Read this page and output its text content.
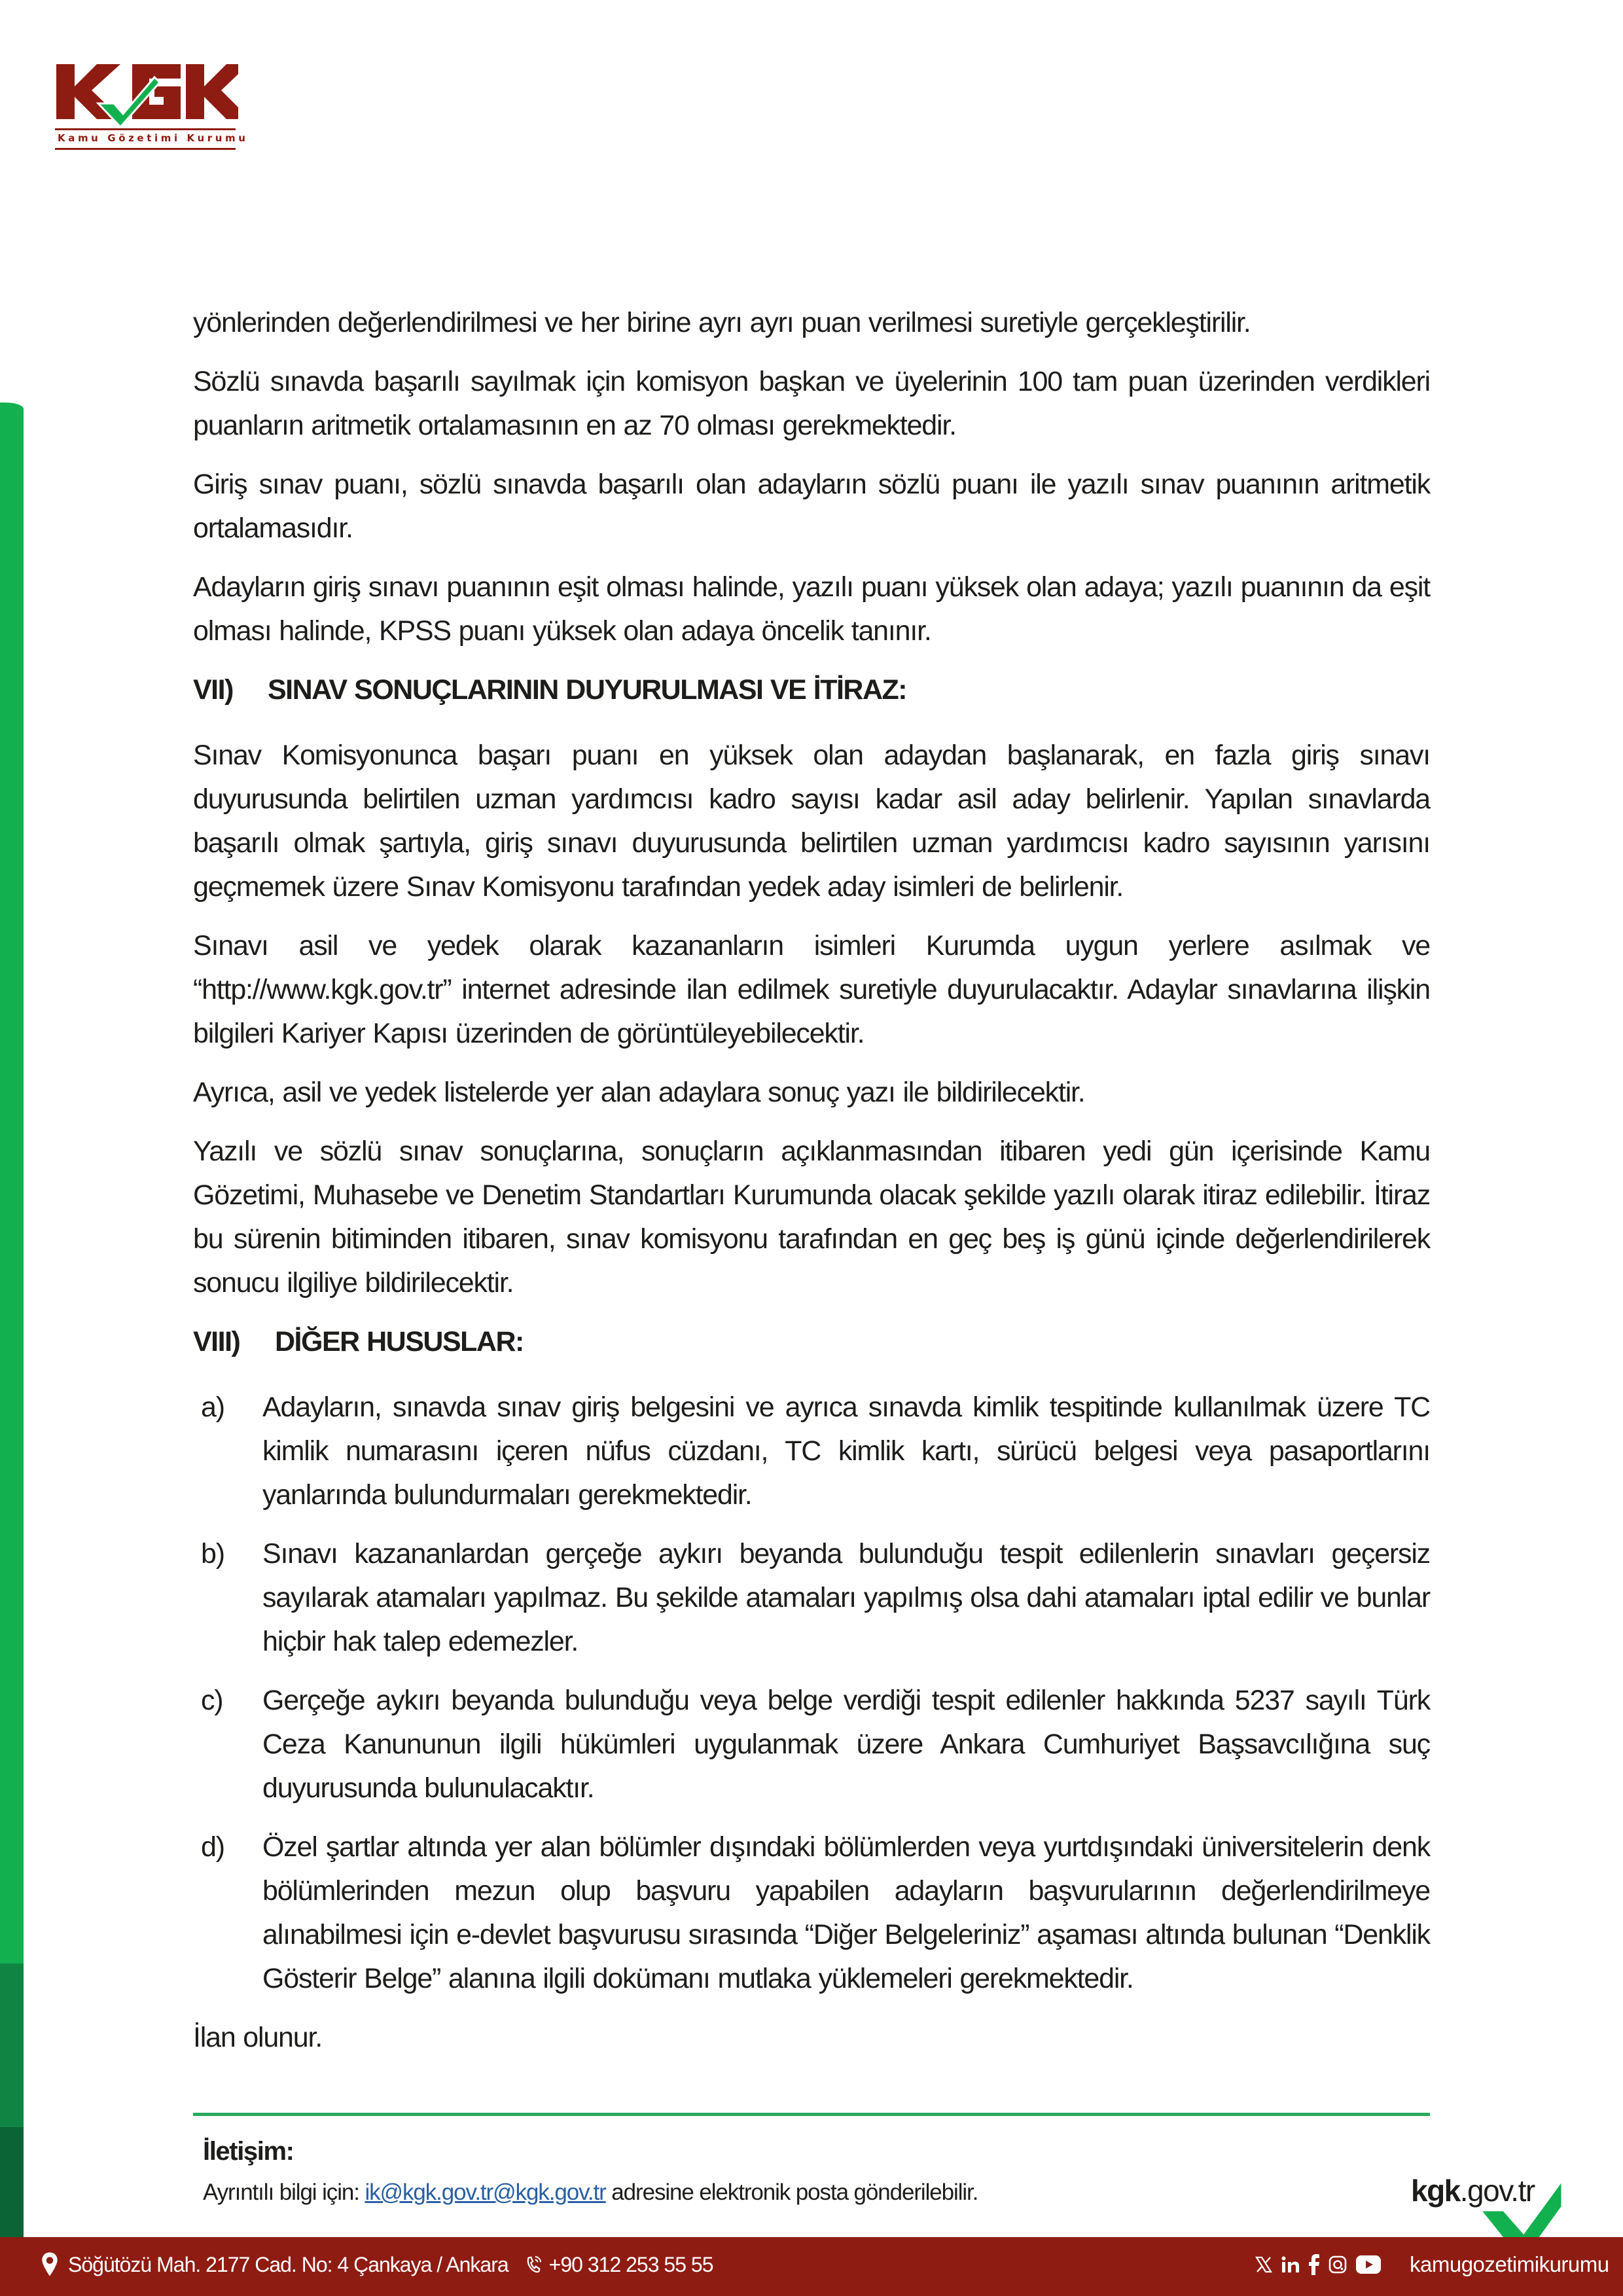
Kamu Gözetimi Kurumu

yönlerinden değerlendirilmesi ve her birine ayrı ayrı puan verilmesi suretiyle gerçekleştirilir.

Sözlü sınavda başarılı sayılmak için komisyon başkan ve üyelerinin 100 tam puan üzerinden verdikleri puanların aritmetik ortalamasının en az 70 olması gerekmektedir.

Giriş sınav puanı, sözlü sınavda başarılı olan adayların sözlü puanı ile yazılı sınav puanının aritmetik ortalamasıdır.

Adayların giriş sınavı puanının eşit olması halinde, yazılı puanı yüksek olan adaya; yazılı puanının da eşit olması halinde, KPSS puanı yüksek olan adaya öncelik tanınır.

VII) SINAV SONUÇLARININ DUYURULMASI VE İTİRAZ:

Sınav Komisyonunca başarı puanı en yüksek olan adaydan başlanarak, en fazla giriş sınavı duyurusunda belirtilen uzman yardımcısı kadro sayısı kadar asil aday belirlenir. Yapılan sınavlarda başarılı olmak şartıyla, giriş sınavı duyurusunda belirtilen uzman yardımcısı kadro sayısının yarısını geçmemek üzere Sınav Komisyonu tarafından yedek aday isimleri de belirlenir.

Sınavı asil ve yedek olarak kazananların isimleri Kurumda uygun yerlere asılmak ve “http://www.kgk.gov.tr” internet adresinde ilan edilmek suretiyle duyurulacaktır. Adaylar sınavlarına ilişkin bilgileri Kariyer Kapısı üzerinden de görüntüleyebilecektir.

Ayrıca, asil ve yedek listelerde yer alan adaylara sonuç yazı ile bildirilecektir.

Yazılı ve sözlü sınav sonuçlarına, sonuçların açıklanmasından itibaren yedi gün içerisinde Kamu Gözetimi, Muhasebe ve Denetim Standartları Kurumunda olacak şekilde yazılı olarak itiraz edilebilir. İtiraz bu sürenin bitiminden itibaren, sınav komisyonu tarafından en geç beş iş günü içinde değerlendirilerek sonucu ilgiliye bildirilecektir.

VIII) DİĞER HUSUSLAR:
a)	Adayların, sınavda sınav giriş belgesini ve ayrıca sınavda kimlik tespitinde kullanılmak üzere TC kimlik numarasını içeren nüfus cüzdanı, TC kimlik kartı, sürücü belgesi veya pasaportlarını yanlarında bulundurmaları gerekmektedir.
b)	Sınavı kazananlardan gerçeğe aykırı beyanda bulunduğu tespit edilenlerin sınavları geçersiz sayılarak atamaları yapılmaz. Bu şekilde atamaları yapılmış olsa dahi atamaları iptal edilir ve bunlar hiçbir hak talep edemezler.
c)	Gerçeğe aykırı beyanda bulunduğu veya belge verdiği tespit edilenler hakkında 5237 sayılı Türk Ceza Kanununun ilgili hükümleri uygulanmak üzere Ankara Cumhuriyet Başsavcılığına suç duyurusunda bulunulacaktır.
d)	Özel şartlar altında yer alan bölümler dışındaki bölümlerden veya yurtdışındaki üniversitelerin denk bölümlerinden mezun olup başvuru yapabilen adayların başvurularının değerlendirilmeye alınabilmesi için e-devlet başvurusu sırasında “Diğer Belgeleriniz” aşaması altında bulunan “Denklik Gösterir Belge” alanına ilgili dokümanı mutlaka yüklemeleri gerekmektedir.

İlan olunur.

İletişim:
Ayrıntılı bilgi için: ik@kgk.gov.tr@kgk.gov.tr adresine elektronik posta gönderilebilir.	kgk.gov.tr
Söğütözü Mah. 2177 Cad. No: 4 Çankaya / Ankara +90 312 253 55 55	kamugozetimikurumu
